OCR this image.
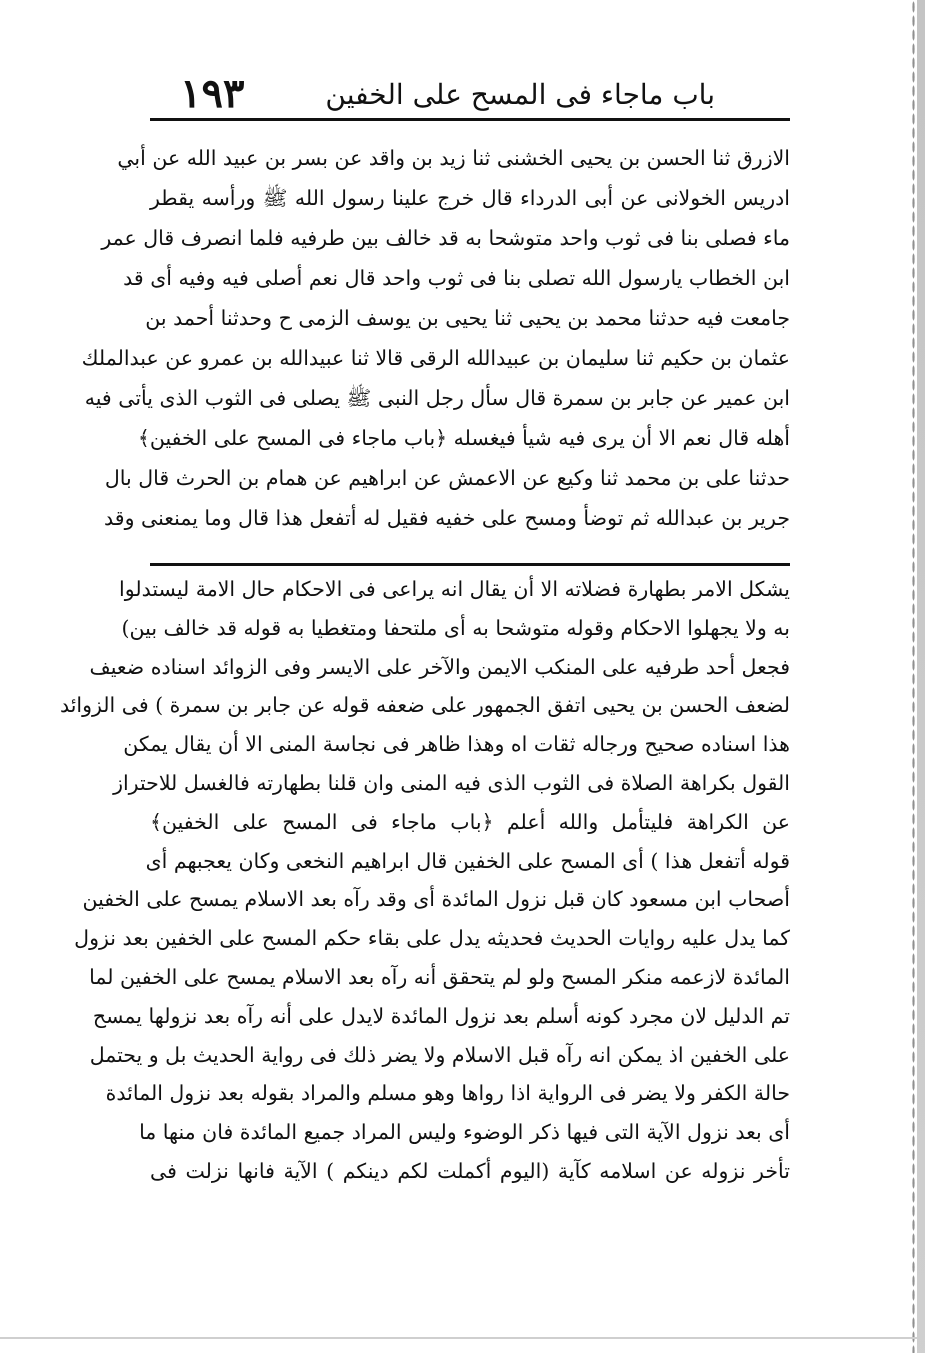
١٩٣	باب ماجاء فى المسح على الخفين
الازرق ثنا الحسن بن يحيى الخشنى ثنا زيد بن واقد عن بسر بن عبيد الله عن أبي
ادريس الخولانى عن أبى الدرداء قال خرج علينا رسول الله ﷺ ورأسه يقطر
ماء فصلى بنا فى ثوب واحد متوشحا به قد خالف بين طرفيه فلما انصرف قال عمر
ابن الخطاب يارسول الله تصلى بنا فى ثوب واحد قال نعم أصلى فيه وفيه أى قد
جامعت فيه حدثنا محمد بن يحيى ثنا يحيى بن يوسف الزمى ح وحدثنا أحمد بن
عثمان بن حكيم ثنا سليمان بن عبيدالله الرقى قالا ثنا عبيدالله بن عمرو عن عبدالملك
ابن عمير عن جابر بن سمرة قال سأل رجل النبى ﷺ يصلى فى الثوب الذى يأتى فيه
أهله قال نعم الا أن يرى فيه شيأ فيغسله ﴿باب ماجاء فى المسح على الخفين﴾
حدثنا على بن محمد ثنا وكيع عن الاعمش عن ابراهيم عن همام بن الحرث قال بال
جرير بن عبدالله ثم توضأ ومسح على خفيه فقيل له أتفعل هذا قال وما يمنعنى وقد
يشكل الامر بطهارة فضلاته الا أن يقال انه يراعى فى الاحكام حال الامة ليستدلوا
به ولا يجهلوا الاحكام وقوله متوشحا به أى ملتحفا ومتغطيا به قوله قد خالف بين)
فجعل أحد طرفيه على المنكب الايمن والآخر على الايسر وفى الزوائد اسناده ضعيف
لضعف الحسن بن يحيى اتفق الجمهور على ضعفه قوله عن جابر بن سمرة ) فى الزوائد
هذا اسناده صحيح ورجاله ثقات اه وهذا ظاهر فى نجاسة المنى الا أن يقال يمكن
القول بكراهة الصلاة فى الثوب الذى فيه المنى وان قلنا بطهارته فالغسل للاحتراز
عن الكراهة فليتأمل والله أعلم ﴿باب ماجاء فى المسح على الخفين﴾
قوله أتفعل هذا ) أى المسح على الخفين قال ابراهيم النخعى وكان يعجبهم أى
أصحاب ابن مسعود كان قبل نزول المائدة أى وقد رآه بعد الاسلام يمسح على الخفين
كما يدل عليه روايات الحديث فحديثه يدل على بقاء حكم المسح على الخفين بعد نزول
المائدة لازعمه منكر المسح ولو لم يتحقق أنه رآه بعد الاسلام يمسح على الخفين لما
تم الدليل لان مجرد كونه أسلم بعد نزول المائدة لايدل على أنه رآه بعد نزولها يمسح
على الخفين اذ يمكن انه رآه قبل الاسلام ولا يضر ذلك فى رواية الحديث بل و يحتمل
حالة الكفر ولا يضر فى الرواية اذا رواها وهو مسلم والمراد بقوله بعد نزول المائدة
أى بعد نزول الآية التى فيها ذكر الوضوء وليس المراد جميع المائدة فان منها ما
تأخر نزوله عن اسلامه كآية (اليوم أكملت لكم دينكم ) الآية فانها نزلت فى
